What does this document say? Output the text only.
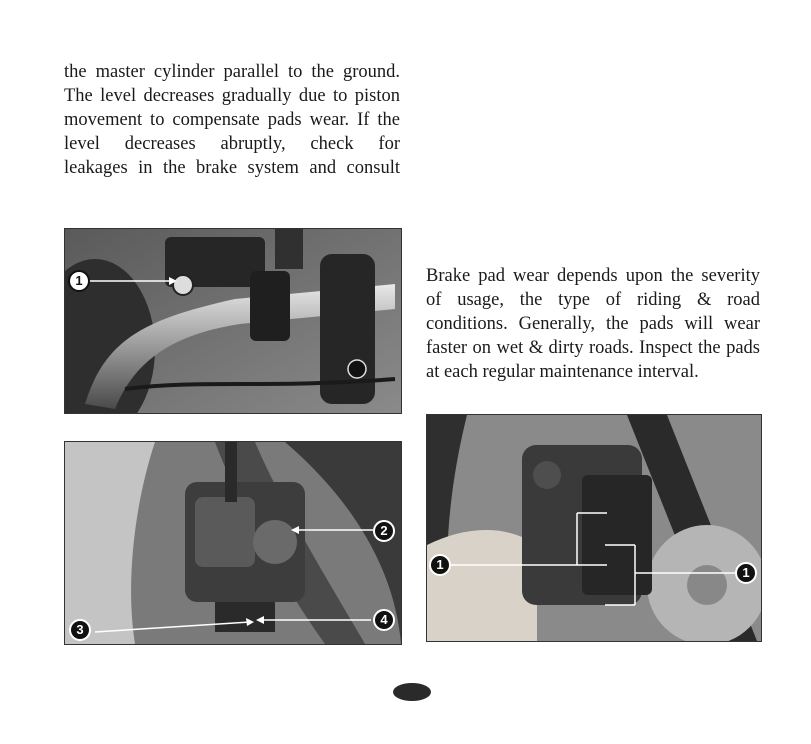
the master cylinder parallel to the ground.
The level decreases gradually due to piston
movement to compensate pads wear. If the
level decreases abruptly, check for
leakages in the brake system and consult
Brake pad wear depends upon the severity
of usage, the type of riding & road
conditions. Generally, the pads will wear
faster on wet & dirty roads. Inspect the pads
at each regular maintenance interval.
1
2
3
4
1
1
